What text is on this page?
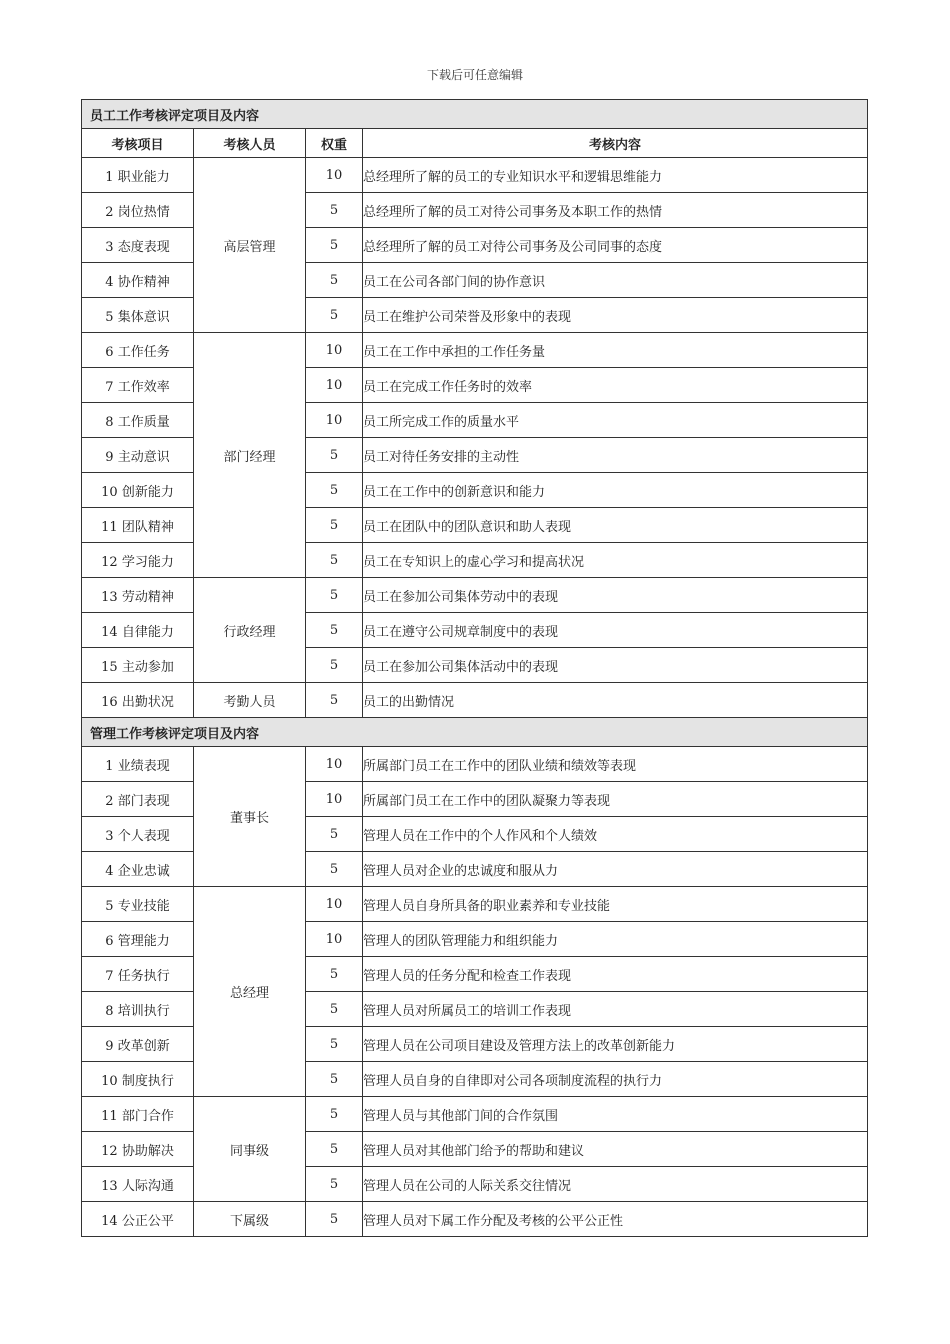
下载后可任意编辑
员工工作考核评定项目及内容			
考核项目	考核人员	权重	考核内容
1 职业能力	高层管理	10	总经理所了解的员工的专业知识水平和逻辑思维能力
2 岗位热情		5	总经理所了解的员工对待公司事务及本职工作的热情
3 态度表现		5	总经理所了解的员工对待公司事务及公司同事的态度
4 协作精神		5	员工在公司各部门间的协作意识
5 集体意识		5	员工在维护公司荣誉及形象中的表现
6 工作任务	部门经理	10	员工在工作中承担的工作任务量
7 工作效率		10	员工在完成工作任务时的效率
8 工作质量		10	员工所完成工作的质量水平
9 主动意识		5	员工对待任务安排的主动性
10 创新能力		5	员工在工作中的创新意识和能力
11 团队精神		5	员工在团队中的团队意识和助人表现
12 学习能力		5	员工在专知识上的虚心学习和提高状况
13 劳动精神	行政经理	5	员工在参加公司集体劳动中的表现
14 自律能力		5	员工在遵守公司规章制度中的表现
15 主动参加		5	员工在参加公司集体活动中的表现
16 出勤状况	考勤人员	5	员工的出勤情况
管理工作考核评定项目及内容			
1 业绩表现	董事长	10	所属部门员工在工作中的团队业绩和绩效等表现
2 部门表现		10	所属部门员工在工作中的团队凝聚力等表现
3 个人表现		5	管理人员在工作中的个人作风和个人绩效
4 企业忠诚		5	管理人员对企业的忠诚度和服从力
5 专业技能	总经理	10	管理人员自身所具备的职业素养和专业技能
6 管理能力		10	管理人的团队管理能力和组织能力
7 任务执行		5	管理人员的任务分配和检查工作表现
8 培训执行		5	管理人员对所属员工的培训工作表现
9 改革创新		5	管理人员在公司项目建设及管理方法上的改革创新能力
10 制度执行		5	管理人员自身的自律即对公司各项制度流程的执行力
11 部门合作	同事级	5	管理人员与其他部门间的合作氛围
12 协助解决		5	管理人员对其他部门给予的帮助和建议
13 人际沟通		5	管理人员在公司的人际关系交往情况
14 公正公平	下属级	5	管理人员对下属工作分配及考核的公平公正性
